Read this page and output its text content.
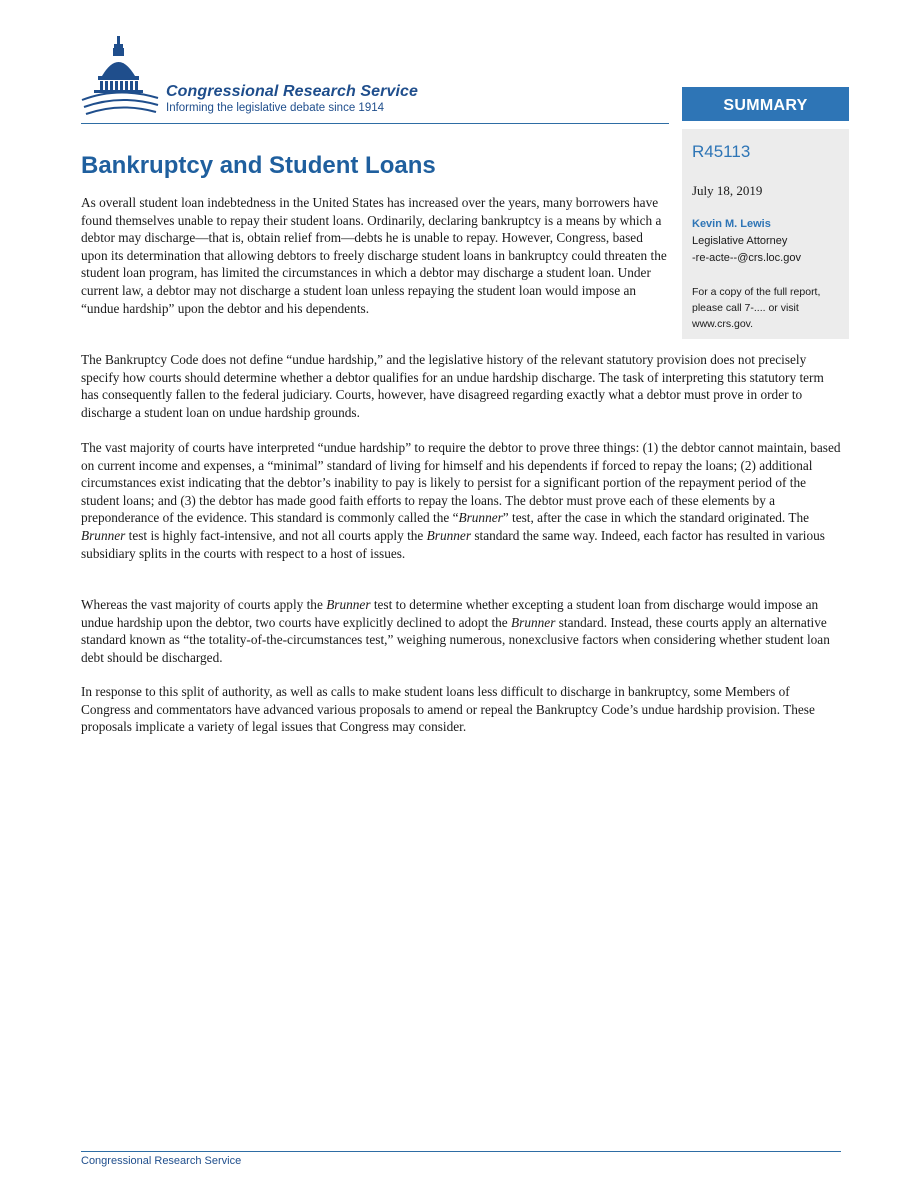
Congressional Research Service
Informing the legislative debate since 1914	SUMMARY
R45113
July 18, 2019
Kevin M. Lewis
Legislative Attorney
-re-acte--@crs.loc.gov
For a copy of the full report, please call 7-.... or visit www.crs.gov.
Bankruptcy and Student Loans

As overall student loan indebtedness in the United States has increased over the years, many borrowers have found themselves unable to repay their student loans. Ordinarily, declaring bankruptcy is a means by which a debtor may discharge—that is, obtain relief from—debts he is unable to repay. However, Congress, based upon its determination that allowing debtors to freely discharge student loans in bankruptcy could threaten the student loan program, has limited the circumstances in which a debtor may discharge a student loan. Under current law, a debtor may not discharge a student loan unless repaying the student loan would impose an “undue hardship” upon the debtor and his dependents.

The Bankruptcy Code does not define “undue hardship,” and the legislative history of the relevant statutory provision does not precisely specify how courts should determine whether a debtor qualifies for an undue hardship discharge. The task of interpreting this statutory term has consequently fallen to the federal judiciary. Courts, however, have disagreed regarding exactly what a debtor must prove in order to discharge a student loan on undue hardship grounds.

The vast majority of courts have interpreted “undue hardship” to require the debtor to prove three things: (1) the debtor cannot maintain, based on current income and expenses, a “minimal” standard of living for himself and his dependents if forced to repay the loans; (2) additional circumstances exist indicating that the debtor’s inability to pay is likely to persist for a significant portion of the repayment period of the student loans; and (3) the debtor has made good faith efforts to repay the loans. The debtor must prove each of these elements by a preponderance of the evidence. This standard is commonly called the “Brunner” test, after the case in which the standard originated. The Brunner test is highly fact-intensive, and not all courts apply the Brunner standard the same way. Indeed, each factor has resulted in various subsidiary splits in the courts with respect to a host of issues.

Whereas the vast majority of courts apply the Brunner test to determine whether excepting a student loan from discharge would impose an undue hardship upon the debtor, two courts have explicitly declined to adopt the Brunner standard. Instead, these courts apply an alternative standard known as “the totality-of-the-circumstances test,” weighing numerous, nonexclusive factors when considering whether student loan debt should be discharged.

In response to this split of authority, as well as calls to make student loans less difficult to discharge in bankruptcy, some Members of Congress and commentators have advanced various proposals to amend or repeal the Bankruptcy Code’s undue hardship provision. These proposals implicate a variety of legal issues that Congress may consider.

Congressional Research Service
